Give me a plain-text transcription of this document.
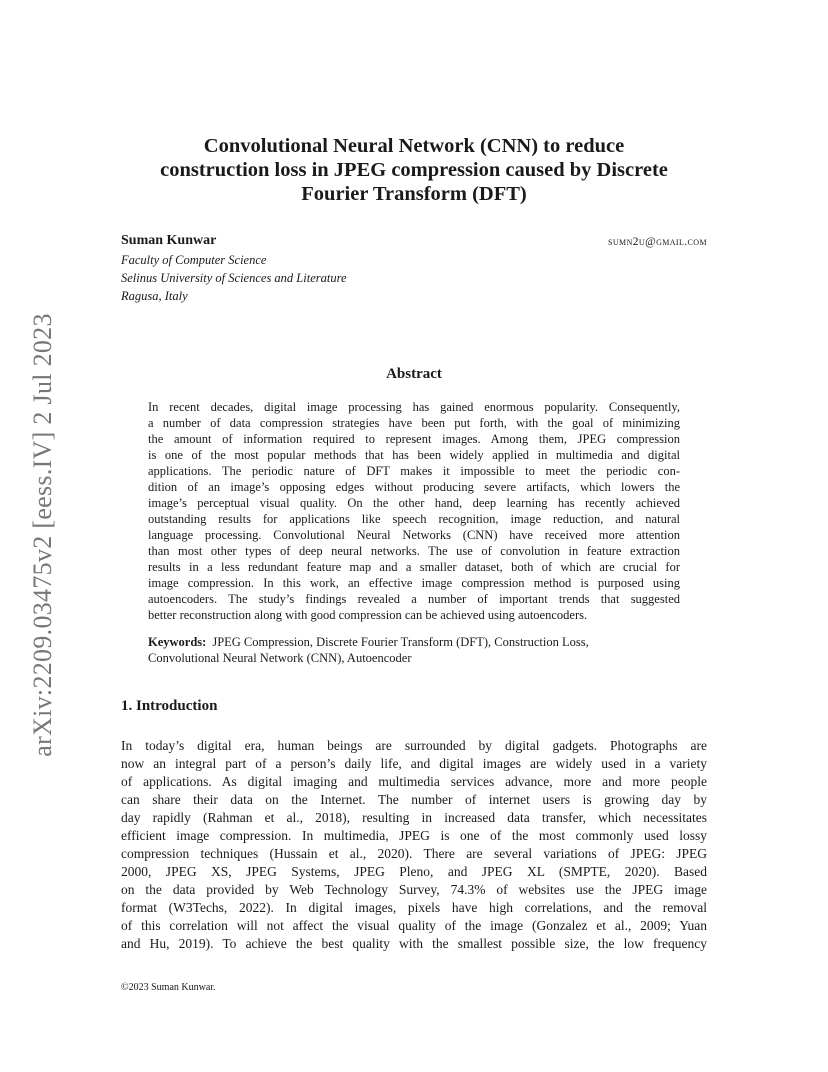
arXiv:2209.03475v2 [eess.IV] 2 Jul 2023
Convolutional Neural Network (CNN) to reduce
construction loss in JPEG compression caused by Discrete
Fourier Transform (DFT)
Suman Kunwar	sumn2u@gmail.com
Faculty of Computer Science
Selinus University of Sciences and Literature
Ragusa, Italy
Abstract
In recent decades, digital image processing has gained enormous popularity. Consequently,
a number of data compression strategies have been put forth, with the goal of minimizing
the amount of information required to represent images. Among them, JPEG compression
is one of the most popular methods that has been widely applied in multimedia and digital
applications. The periodic nature of DFT makes it impossible to meet the periodic con-
dition of an image’s opposing edges without producing severe artifacts, which lowers the
image’s perceptual visual quality. On the other hand, deep learning has recently achieved
outstanding results for applications like speech recognition, image reduction, and natural
language processing. Convolutional Neural Networks (CNN) have received more attention
than most other types of deep neural networks. The use of convolution in feature extraction
results in a less redundant feature map and a smaller dataset, both of which are crucial for
image compression. In this work, an effective image compression method is purposed using
autoencoders. The study’s findings revealed a number of important trends that suggested
better reconstruction along with good compression can be achieved using autoencoders.
Keywords: JPEG Compression, Discrete Fourier Transform (DFT), Construction Loss,
Convolutional Neural Network (CNN), Autoencoder
1. Introduction
In today’s digital era, human beings are surrounded by digital gadgets. Photographs are
now an integral part of a person’s daily life, and digital images are widely used in a variety
of applications. As digital imaging and multimedia services advance, more and more people
can share their data on the Internet. The number of internet users is growing day by
day rapidly (Rahman et al., 2018), resulting in increased data transfer, which necessitates
efficient image compression. In multimedia, JPEG is one of the most commonly used lossy
compression techniques (Hussain et al., 2020). There are several variations of JPEG: JPEG
2000, JPEG XS, JPEG Systems, JPEG Pleno, and JPEG XL (SMPTE, 2020). Based
on the data provided by Web Technology Survey, 74.3% of websites use the JPEG image
format (W3Techs, 2022). In digital images, pixels have high correlations, and the removal
of this correlation will not affect the visual quality of the image (Gonzalez et al., 2009; Yuan
and Hu, 2019). To achieve the best quality with the smallest possible size, the low frequency
©2023 Suman Kunwar.
